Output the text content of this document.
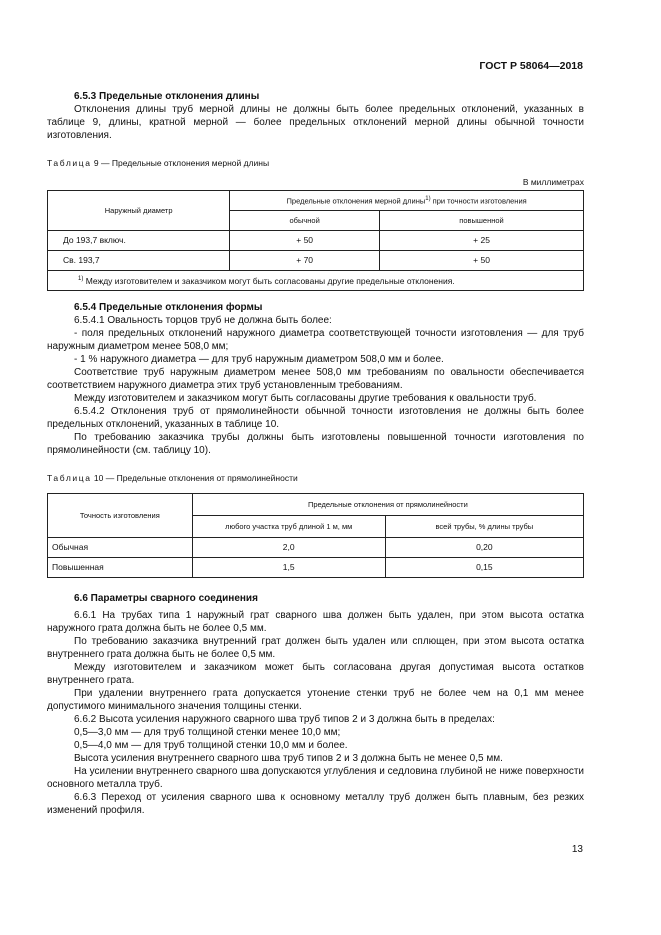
ГОСТ Р 58064—2018

6.5.3 Предельные отклонения длины

Отклонения длины труб мерной длины не должны быть более предельных отклонений, указанных в таблице 9, длины, кратной мерной — более предельных отклонений мерной длины обычной точности изготовления.

Таблица 9 — Предельные отклонения мерной длины
В миллиметрах
Наружный диаметр	Предельные отклонения мерной длины$^{1)}$ при точности изготовления	
	обычной	повышенной
До 193,7 включ.	+ 50	+ 25
Св. 193,7	+ 70	+ 50
$^{1)}$ Между изготовителем и заказчиком могут быть согласованы другие предельные отклонения.		

6.5.4 Предельные отклонения формы

6.5.4.1 Овальность торцов труб не должна быть более:

- поля предельных отклонений наружного диаметра соответствующей точности изготовления — для труб наружным диаметром менее 508,0 мм;

- 1 % наружного диаметра — для труб наружным диаметром 508,0 мм и более.

Соответствие труб наружным диаметром менее 508,0 мм требованиям по овальности обеспечивается соответствием наружного диаметра этих труб установленным требованиям.

Между изготовителем и заказчиком могут быть согласованы другие требования к овальности труб.

6.5.4.2 Отклонения труб от прямолинейности обычной точности изготовления не должны быть более предельных отклонений, указанных в таблице 10.

По требованию заказчика трубы должны быть изготовлены повышенной точности изготовления по прямолинейности (см. таблицу 10).

Таблица 10 — Предельные отклонения от прямолинейности
Точность изготовления	Предельные отклонения от прямолинейности	
	любого участка труб длиной 1 м, мм	всей трубы, % длины трубы
Обычная	2,0	0,20
Повышенная	1,5	0,15

6.6 Параметры сварного соединения

6.6.1 На трубах типа 1 наружный грат сварного шва должен быть удален, при этом высота остатка наружного грата должна быть не более 0,5 мм.

По требованию заказчика внутренний грат должен быть удален или сплющен, при этом высота остатка внутреннего грата должна быть не более 0,5 мм.

Между изготовителем и заказчиком может быть согласована другая допустимая высота остатков внутреннего грата.

При удалении внутреннего грата допускается утонение стенки труб не более чем на 0,1 мм менее допустимого минимального значения толщины стенки.

6.6.2 Высота усиления наружного сварного шва труб типов 2 и 3 должна быть в пределах:

0,5—3,0 мм — для труб толщиной стенки менее 10,0 мм;

0,5—4,0 мм — для труб толщиной стенки 10,0 мм и более.

Высота усиления внутреннего сварного шва труб типов 2 и 3 должна быть не менее 0,5 мм.

На усилении внутреннего сварного шва допускаются углубления и седловина глубиной не ниже поверхности основного металла труб.

6.6.3 Переход от усиления сварного шва к основному металлу труб должен быть плавным, без резких изменений профиля.

13
